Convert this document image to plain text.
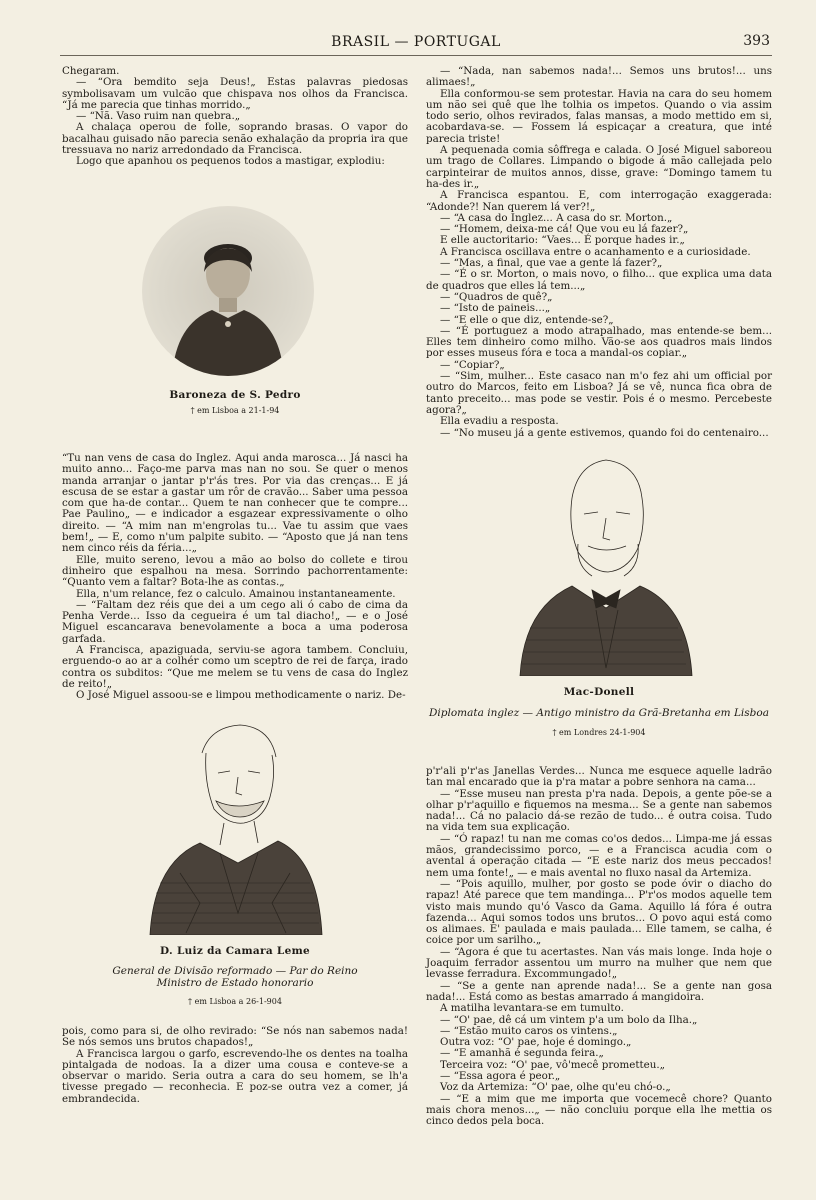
BRASIL — PORTUGAL	393

Chegaram.

— “Ora bemdito seja Deus!„ Estas palavras piedosas symbolisavam um vulcão que chispava nos olhos da Francisca. “Já me parecia que tinhas morrido.„

— “Nã. Vaso ruim nan quebra.„

A chalaça operou de folle, soprando brasas. O vapor do bacalhau guisado não parecia senão exhalação da propria ira que tressuava no nariz arredondado da Francisca.

Logo que apanhou os pequenos todos a mastigar, explodiu:

Baroneza de S. Pedro
† em Lisboa a 21-1-94

“Tu nan vens de casa do Inglez. Aqui anda marosca... Já nasci ha muito anno... Faço-me parva mas nan no sou. Se quer o menos manda arranjar o jantar p'r'ás tres. Por via das crenças... E já escusa de se estar a gastar um rôr de cravão... Saber uma pessoa com que ha-de contar... Quem te nan conhecer que te compre... Pae Paulino„ — e indicador a esgazear expressivamente o olho direito. — “A mim nan m'engrolas tu... Vae tu assim que vaes bem!„ — E, como n'um palpite subito. — “Aposto que já nan tens nem cinco réis da féria...„

Elle, muito sereno, levou a mão ao bolso do collete e tirou dinheiro que espalhou na mesa. Sorrindo pachorrentamente: “Quanto vem a faltar? Bota-lhe as contas.„

Ella, n'um relance, fez o calculo. Amainou instantaneamente.

— “Faltam dez réis que dei a um cego ali ó cabo de cima da Penha Verde... Isso da cegueira é um tal diacho!„ — e o José Miguel escancarava benevolamente a boca a uma poderosa garfada.

A Francisca, apaziguada, serviu-se agora tambem. Concluiu, erguendo-o ao ar a colhér como um sceptro de rei de farça, irado contra os subditos: “Que me melem se tu vens de casa do Inglez de reito!„

O José Miguel assoou-se e limpou methodicamente o nariz. De-

D. Luiz da Camara Leme
General de Divisão reformado — Par do Reino
Ministro de Estado honorario
† em Lisboa a 26-1-904

pois, como para si, de olho revirado: “Se nós nan sabemos nada! Se nós semos uns brutos chapados!„

A Francisca largou o garfo, escrevendo-lhe os dentes na toalha pintalgada de nodoas. Ia a dizer uma cousa e conteve-se a observar o marido. Seria outra a cara do seu homem, se lh'a tivesse pregado — reconhecia. E poz-se outra vez a comer, já embrandecida.

— “Nada, nan sabemos nada!... Semos uns brutos!... uns alimaes!„

Ella conformou-se sem protestar. Havia na cara do seu homem um não sei quê que lhe tolhia os impetos. Quando o via assim todo serio, olhos revirados, falas mansas, a modo mettido em si, acobardava-se. — Fossem lá espicaçar a creatura, que inté parecia triste!

A pequenada comia sôffrega e calada. O José Miguel saboreou um trago de Collares. Limpando o bigode á mão callejada pelo carpinteirar de muitos annos, disse, grave: “Domingo tamem tu ha-des ir.„

A Francisca espantou. E, com interrogação exaggerada: “Adonde?! Nan querem lá ver?!„

— “A casa do Inglez... A casa do sr. Morton.„

— “Homem, deixa-me cá! Que vou eu lá fazer?„

E elle auctoritario: “Vaes... É porque hades ir.„

A Francisca oscillava entre o acanhamento e a curiosidade.

— “Mas, a final, que vae a gente lá fazer?„

— “É o sr. Morton, o mais novo, o filho... que explica uma data de quadros que elles lá tem...„

— “Quadros de quê?„

— “Isto de paineis...„

— “E elle o que diz, entende-se?„

— “É portuguez a modo atrapalhado, mas entende-se bem... Elles tem dinheiro como milho. Vão-se aos quadros mais lindos por esses museus fóra e toca a mandal-os copiar.„

— “Copiar?„

— “Sim, mulher... Este casaco nan m'o fez ahi um official por outro do Marcos, feito em Lisboa? Já se vê, nunca fica obra de tanto preceito... mas pode se vestir. Pois é o mesmo. Percebeste agora?„

Ella evadiu a resposta.

— “No museu já a gente estivemos, quando foi do centenairo...

Mac-Donell
Diplomata inglez — Antigo ministro da Grã-Bretanha em Lisboa
† em Londres 24-1-904

p'r'ali p'r'as Janellas Verdes... Nunca me esquece aquelle ladrão tan mal encarado que ia p'ra matar a pobre senhora na cama...

— “Esse museu nan presta p'ra nada. Depois, a gente põe-se a olhar p'r'aquillo e fiquemos na mesma... Se a gente nan sabemos nada!... Cá no palacio dá-se rezão de tudo... é outra coisa. Tudo na vida tem sua explicação.

— “Ó rapaz! tu nan me comas co'os dedos... Limpa-me já essas mãos, grandecissimo porco, — e a Francisca acudia com o avental á operação citada — “E este nariz dos meus peccados! nem uma fonte!„ — e mais avental no fluxo nasal da Artemiza.

— “Pois aquillo, mulher, por gosto se pode óvir o diacho do rapaz! Até parece que tem mandinga... P'r'os modos aquelle tem visto mais mundo qu'ó Vasco da Gama. Aquillo lá fóra é outra fazenda... Aqui somos todos uns brutos... O povo aqui está como os alimaes. E' paulada e mais paulada... Elle tamem, se calha, é coice por um sarilho.„

— “Agora é que tu acertastes. Nan vás mais longe. Inda hoje o Joaquim ferrador assentou um murro na mulher que nem que levasse ferradura. Excommungado!„

— “Se a gente nan aprende nada!... Se a gente nan gosa nada!... Está como as bestas amarrado á mangidoira.

A matilha levantara-se em tumulto.

— “O' pae, dê cá um vintem p'a um bolo da Ilha.„

— “Estão muito caros os vintens.„

Outra voz: “O' pae, hoje é domingo.„

— “E amanhã é segunda feira.„

Terceira voz: “O' pae, vô'mecê prometteu.„

— “Essa agora é peor.„

Voz da Artemiza: “O' pae, olhe qu'eu chó-o.„

— “E a mim que me importa que vocemecê chore? Quanto mais chora menos...„ — não concluiu porque ella lhe mettia os cinco dedos pela boca.
